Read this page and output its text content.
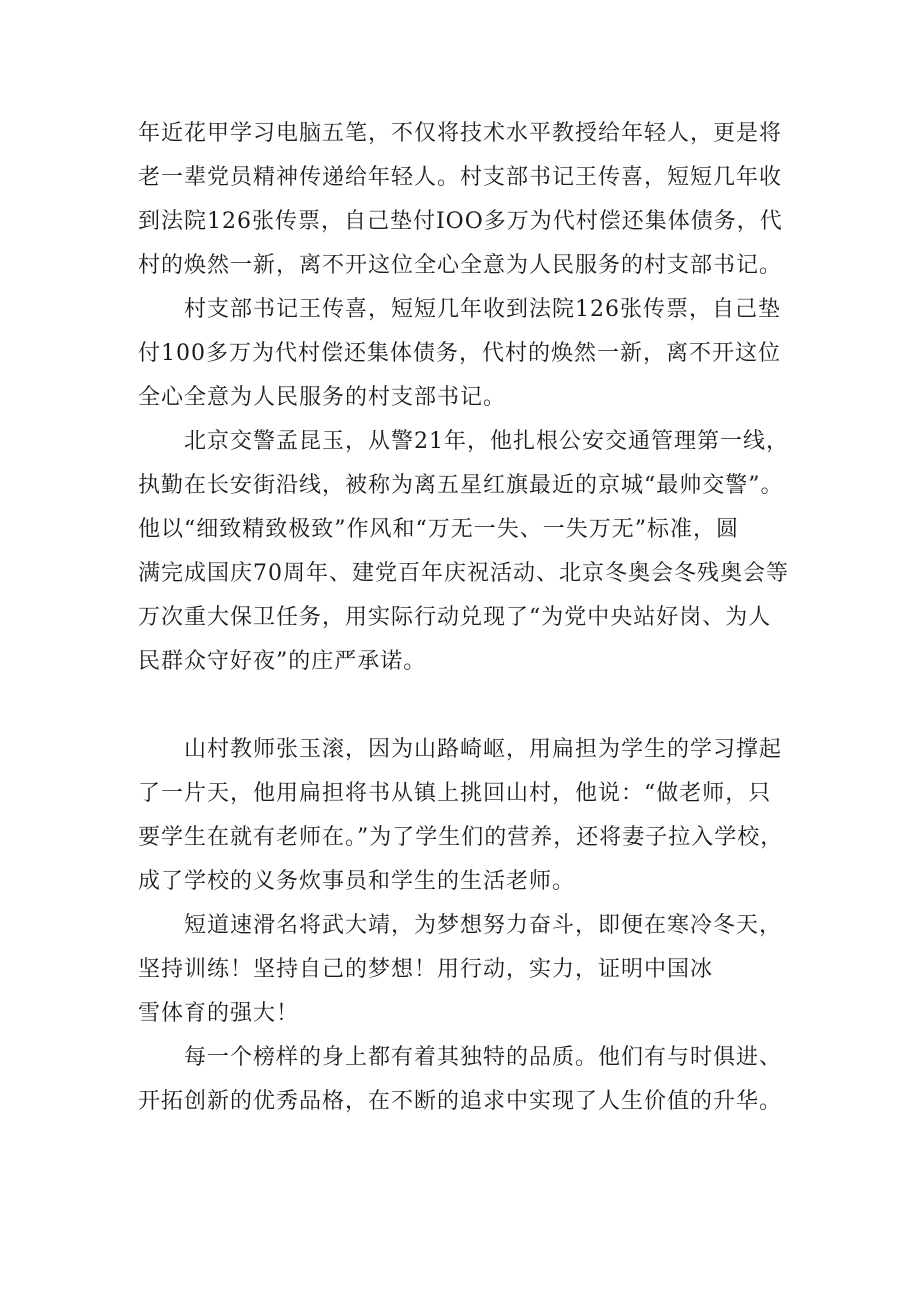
年近花甲学习电脑五笔，不仅将技术水平教授给年轻人，更是将
老一辈党员精神传递给年轻人。村支部书记王传喜，短短几年收
到法院126张传票，自己垫付IOO多万为代村偿还集体债务，代
村的焕然一新，离不开这位全心全意为人民服务的村支部书记。
村支部书记王传喜，短短几年收到法院126张传票，自己垫
付100多万为代村偿还集体债务，代村的焕然一新，离不开这位
全心全意为人民服务的村支部书记。
北京交警孟昆玉，从警21年，他扎根公安交通管理第一线，
执勤在长安街沿线，被称为离五星红旗最近的京城“最帅交警”。
他以“细致精致极致”作风和“万无一失、一失万无”标准，圆
满完成国庆70周年、建党百年庆祝活动、北京冬奥会冬残奥会等
万次重大保卫任务，用实际行动兑现了“为党中央站好岗、为人
民群众守好夜”的庄严承诺。
山村教师张玉滚，因为山路崎岖，用扁担为学生的学习撑起
了一片天，他用扁担将书从镇上挑回山村，他说：“做老师，只
要学生在就有老师在。”为了学生们的营养，还将妻子拉入学校，
成了学校的义务炊事员和学生的生活老师。
短道速滑名将武大靖，为梦想努力奋斗，即便在寒冷冬天，
坚持训练！坚持自己的梦想！用行动，实力，证明中国冰
雪体育的强大！
每一个榜样的身上都有着其独特的品质。他们有与时俱进、
开拓创新的优秀品格，在不断的追求中实现了人生价值的升华。
